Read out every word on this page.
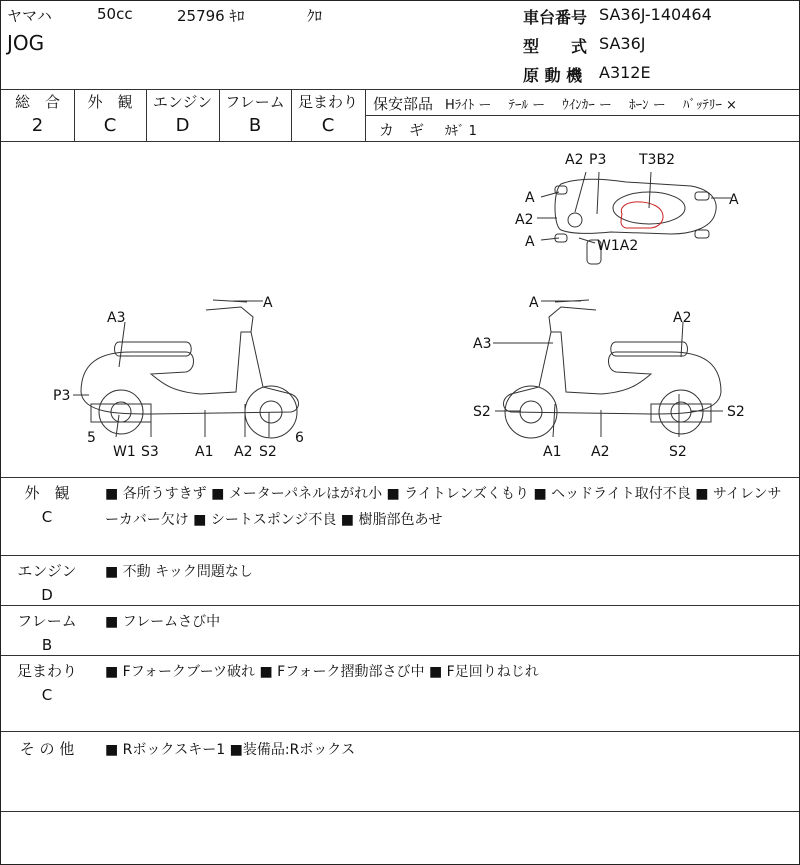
ヤマハ	50cc	25796 ｷﾛ	ｸﾛ
JOG
車台番号 SA36J-140464
型　　式 SA36J
原 動 機 A312E
総　合	外　観	エンジン フレーム 足まわり
2	C	D	B	C
保安部品 Hﾗｲﾄ ー　 ﾃｰﾙ ー　 ｳｲﾝｶｰ ー　 ﾎｰﾝ ー　 ﾊﾞｯﾃﾘｰ ×
カ　ギ ｶｷﾞ 1
A2 P3 T3B2
A
A2
A
A
W1A2
A
A3
P3
5
W1 S3	A1 A2 S2
6
A
A2
A3
S2	S2
A1 A2	S2
外　観
C
■ 各所うすきず ■ メーターパネルはがれ小 ■ ライトレンズくもり ■ ヘッドライト取付不良 ■ サイレンサーカバー欠け ■ シートスポンジ不良 ■ 樹脂部色あせ
エンジン
D
■ 不動 キック問題なし
フレーム
B
■ フレームさび中
足まわり
C
■ Fフォークブーツ破れ ■ Fフォーク摺動部さび中 ■ F足回りねじれ
そ の 他	■ Rボックスキー1 ■装備品:Rボックス
